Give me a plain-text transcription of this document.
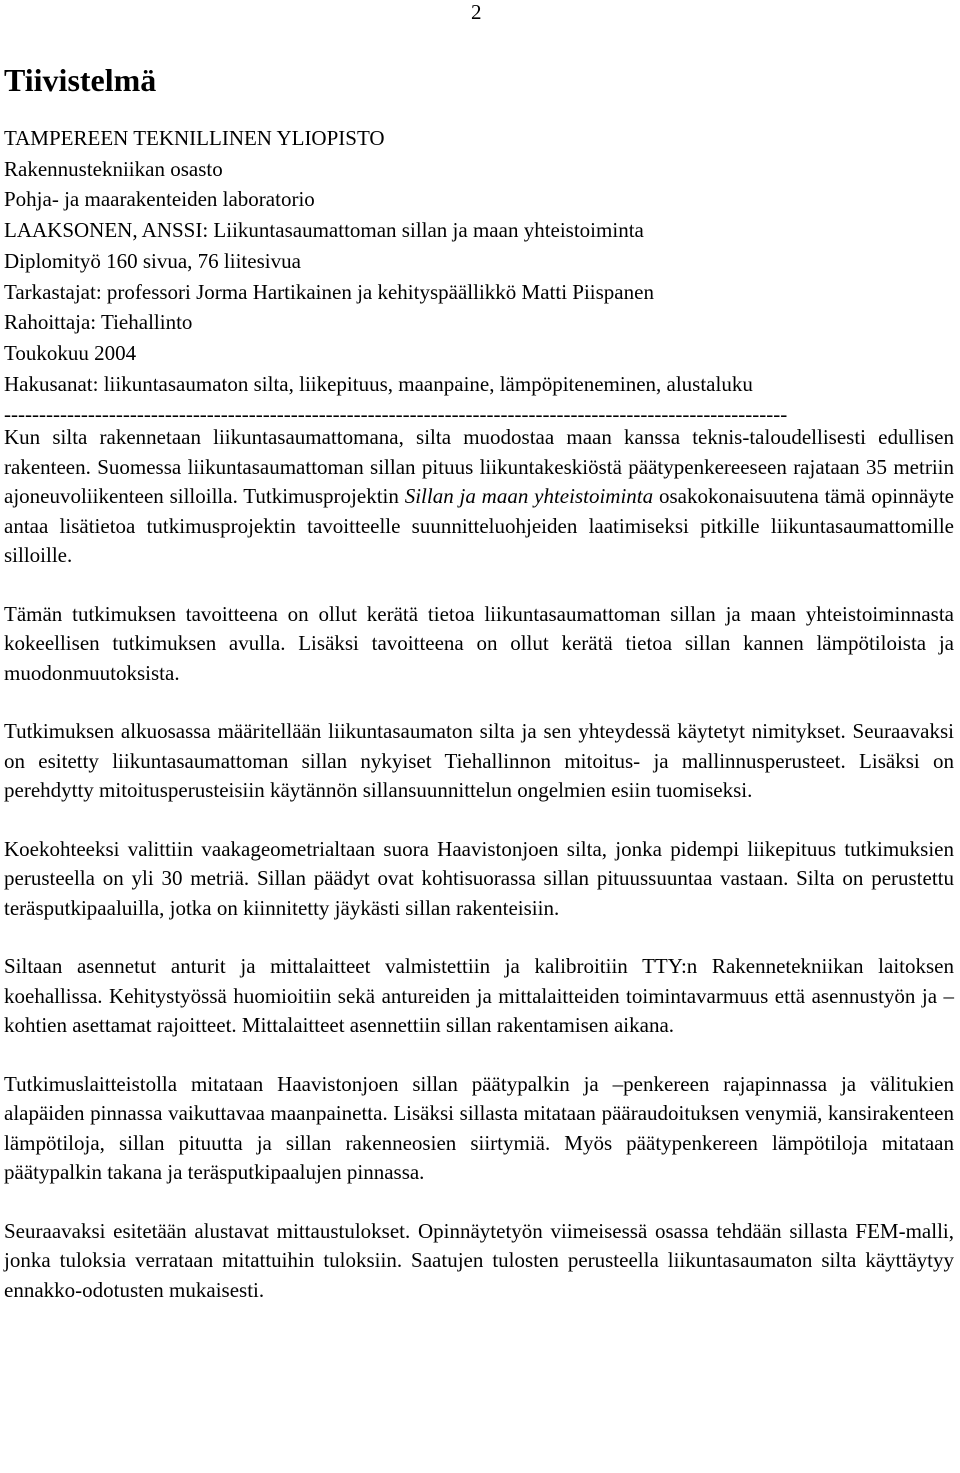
2
Tiivistelmä
TAMPEREEN TEKNILLINEN YLIOPISTO
Rakennustekniikan osasto
Pohja- ja maarakenteiden laboratorio
LAAKSONEN, ANSSI: Liikuntasaumattoman sillan ja maan yhteistoiminta
Diplomityö 160 sivua, 76 liitesivua
Tarkastajat: professori Jorma Hartikainen ja kehityspäällikkö Matti Piispanen
Rahoittaja: Tiehallinto
Toukokuu 2004
Hakusanat: liikuntasaumaton silta, liikepituus, maanpaine, lämpöpiteneminen, alustaluku
----------------------------------------------------------------------------------------------------------------

Kun silta rakennetaan liikuntasaumattomana, silta muodostaa maan kanssa teknis-taloudellisesti edullisen rakenteen. Suomessa liikuntasaumattoman sillan pituus liikuntakeskiöstä päätypenkereeseen rajataan 35 metriin ajoneuvoliikenteen silloilla. Tutkimusprojektin Sillan ja maan yhteistoiminta osakokonaisuutena tämä opinnäyte antaa lisätietoa tutkimusprojektin tavoitteelle suunnitteluohjeiden laatimiseksi pitkille liikuntasaumattomille silloille.

Tämän tutkimuksen tavoitteena on ollut kerätä tietoa liikuntasaumattoman sillan ja maan yhteistoiminnasta kokeellisen tutkimuksen avulla. Lisäksi tavoitteena on ollut kerätä tietoa sillan kannen lämpötiloista ja muodonmuutoksista.

Tutkimuksen alkuosassa määritellään liikuntasaumaton silta ja sen yhteydessä käytetyt nimitykset. Seuraavaksi on esitetty liikuntasaumattoman sillan nykyiset Tiehallinnon mitoitus- ja mallinnusperusteet. Lisäksi on perehdytty mitoitusperusteisiin käytännön sillansuunnittelun ongelmien esiin tuomiseksi.

Koekohteeksi valittiin vaakageometrialtaan suora Haavistonjoen silta, jonka pidempi liikepituus tutkimuksien perusteella on yli 30 metriä. Sillan päädyt ovat kohtisuorassa sillan pituussuuntaa vastaan. Silta on perustettu teräsputkipaaluilla, jotka on kiinnitetty jäykästi sillan rakenteisiin.

Siltaan asennetut anturit ja mittalaitteet valmistettiin ja kalibroitiin TTY:n Rakennetekniikan laitoksen koehallissa. Kehitystyössä huomioitiin sekä antureiden ja mittalaitteiden toimintavarmuus että asennustyön ja –kohtien asettamat rajoitteet. Mittalaitteet asennettiin sillan rakentamisen aikana.

Tutkimuslaitteistolla mitataan Haavistonjoen sillan päätypalkin ja –penkereen rajapinnassa ja välitukien alapäiden pinnassa vaikuttavaa maanpainetta. Lisäksi sillasta mitataan pääraudoituksen venymiä, kansirakenteen lämpötiloja, sillan pituutta ja sillan rakenneosien siirtymiä. Myös päätypenkereen lämpötiloja mitataan päätypalkin takana ja teräsputkipaalujen pinnassa.

Seuraavaksi esitetään alustavat mittaustulokset. Opinnäytetyön viimeisessä osassa tehdään sillasta FEM-malli, jonka tuloksia verrataan mitattuihin tuloksiin. Saatujen tulosten perusteella liikuntasaumaton silta käyttäytyy ennakko-odotusten mukaisesti.
